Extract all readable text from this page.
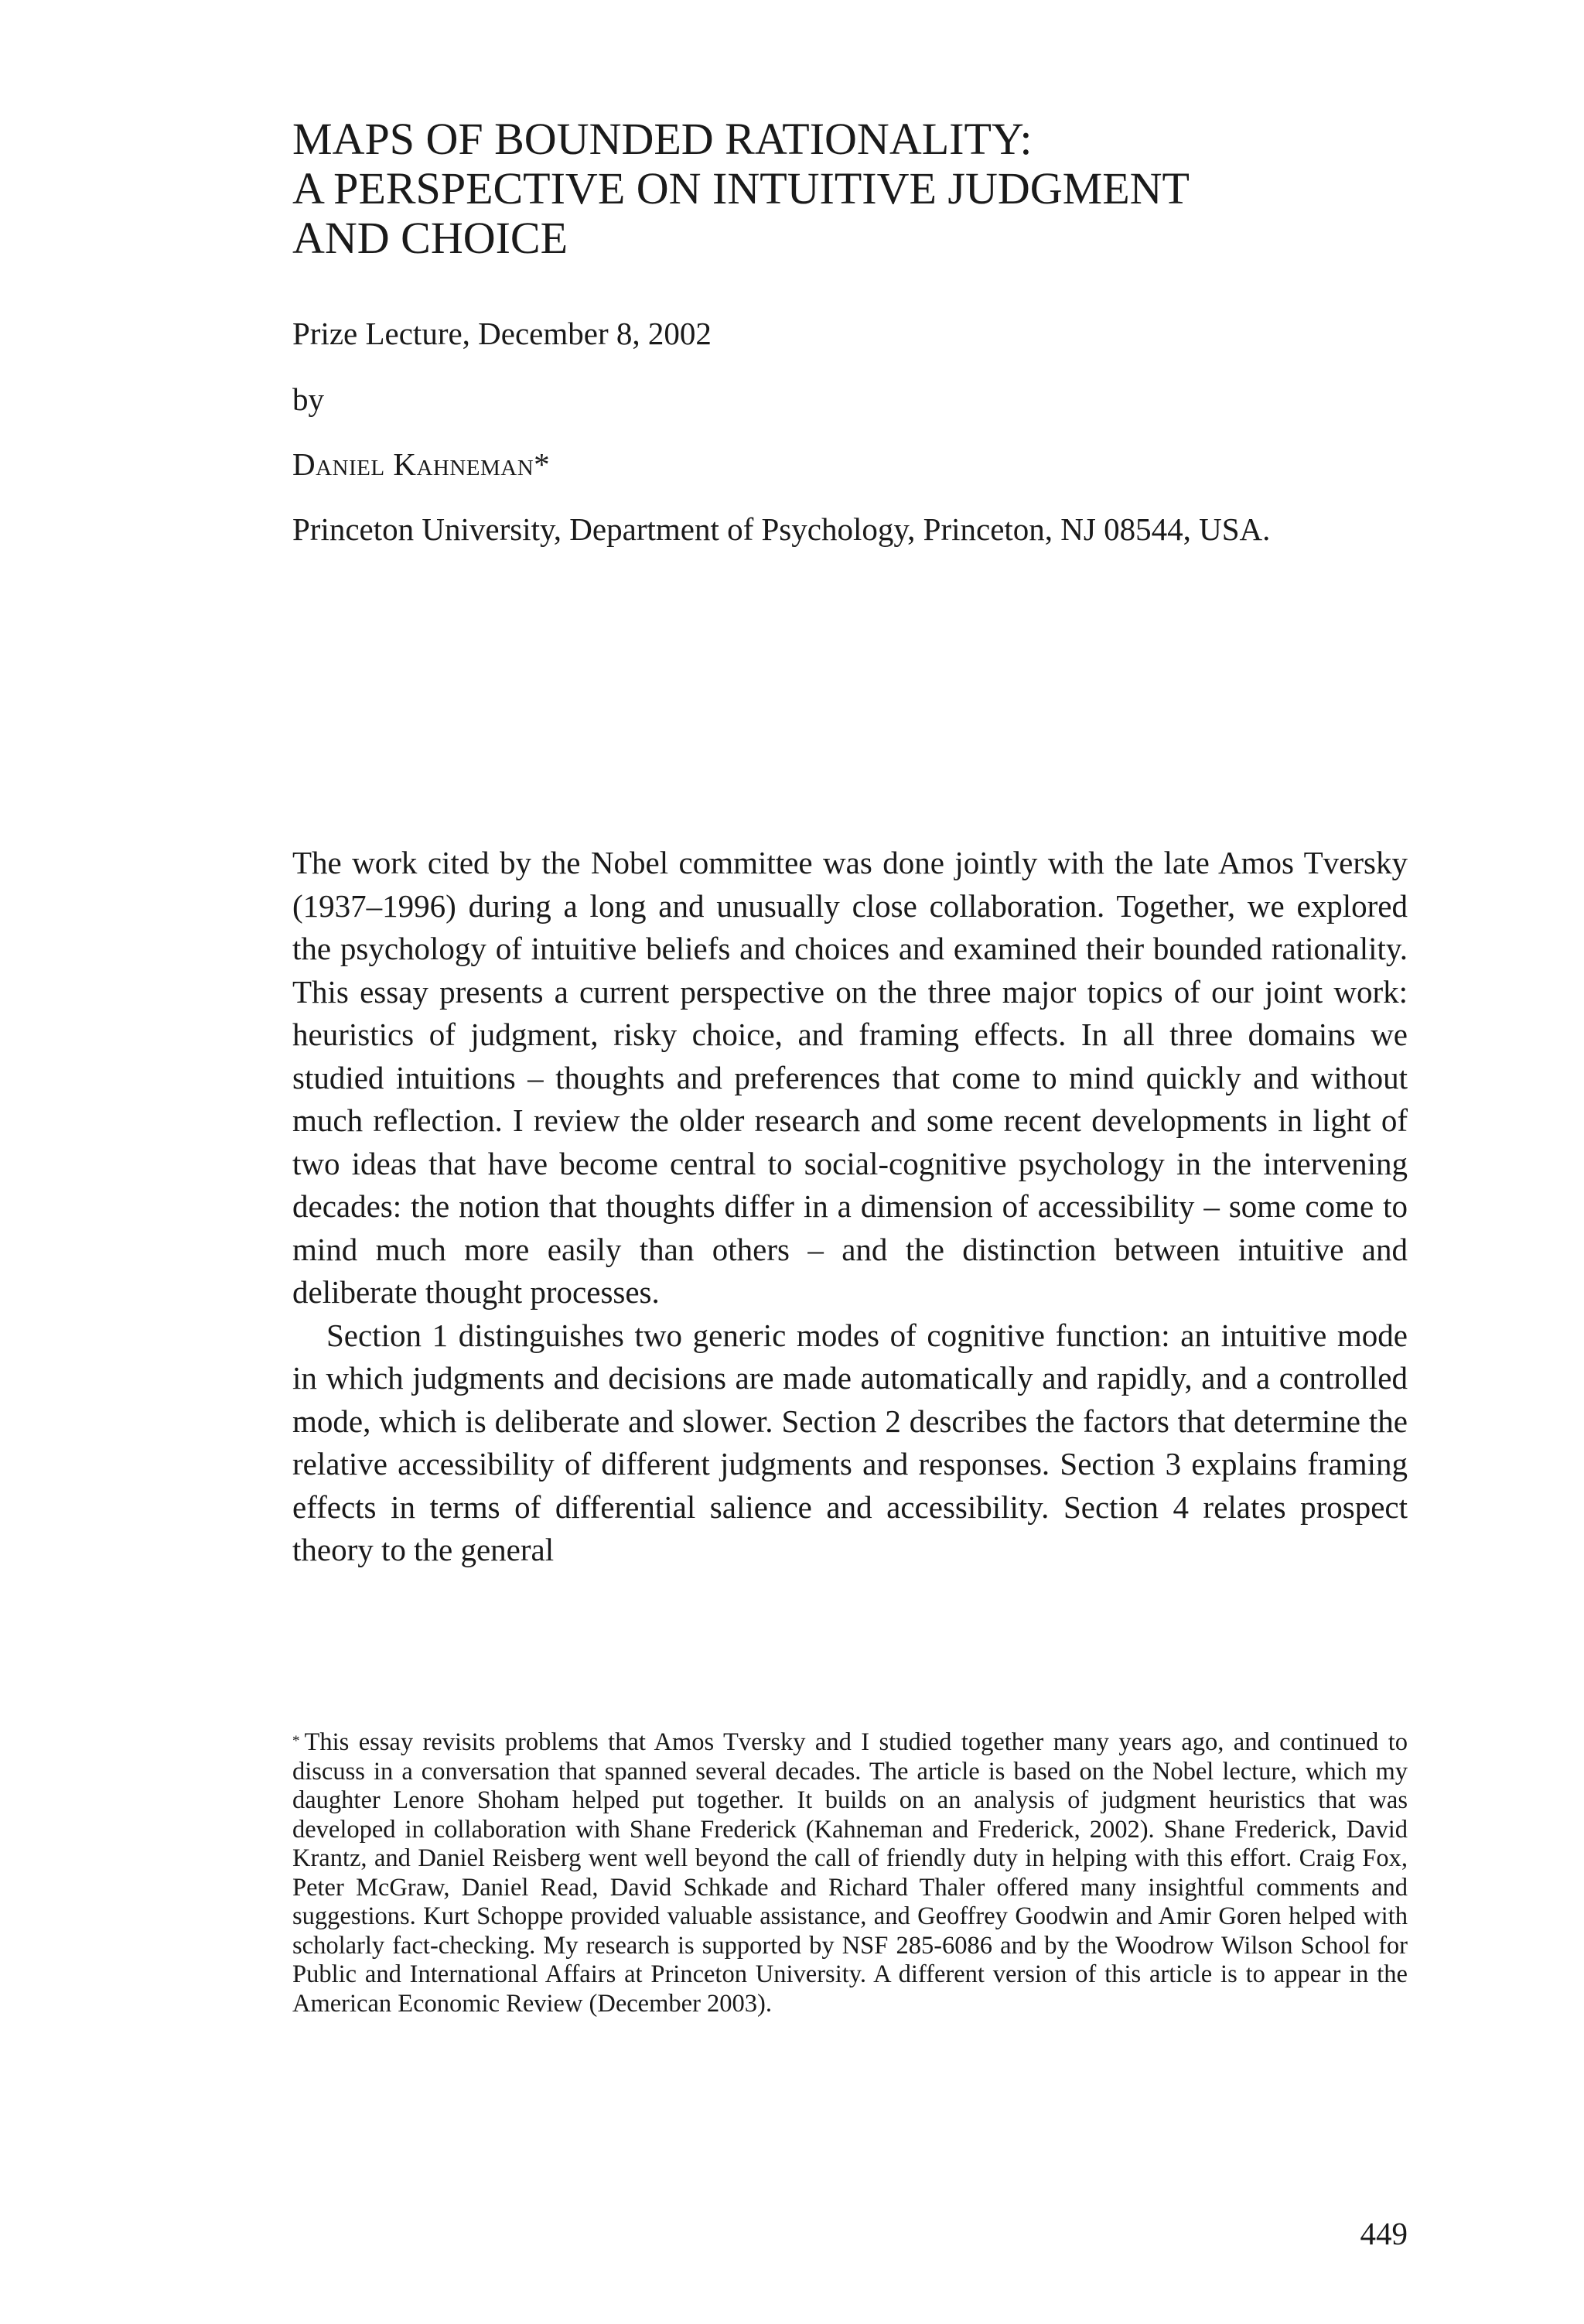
MAPS OF BOUNDED RATIONALITY:
A PERSPECTIVE ON INTUITIVE JUDGMENT
AND CHOICE

Prize Lecture, December 8, 2002

by

Daniel Kahneman*

Princeton University, Department of Psychology, Princeton, NJ 08544, USA.

The work cited by the Nobel committee was done jointly with the late Amos Tversky (1937–1996) during a long and unusually close collaboration. Together, we explored the psychology of intuitive beliefs and choices and examined their bounded rationality. This essay presents a current perspective on the three major topics of our joint work: heuristics of judgment, risky choice, and framing effects. In all three domains we studied intuitions – thoughts and preferences that come to mind quickly and without much reflection. I review the older research and some recent developments in light of two ideas that have become central to social-cognitive psychology in the intervening decades: the notion that thoughts differ in a dimension of accessibility – some come to mind much more easily than others – and the distinction between intuitive and deliberate thought processes.

Section 1 distinguishes two generic modes of cognitive function: an intuitive mode in which judgments and decisions are made automatically and rapidly, and a controlled mode, which is deliberate and slower. Section 2 describes the factors that determine the relative accessibility of different judgments and responses. Section 3 explains framing effects in terms of differential salience and accessibility. Section 4 relates prospect theory to the general

* This essay revisits problems that Amos Tversky and I studied together many years ago, and continued to discuss in a conversation that spanned several decades. The article is based on the Nobel lecture, which my daughter Lenore Shoham helped put together. It builds on an analysis of judgment heuristics that was developed in collaboration with Shane Frederick (Kahneman and Frederick, 2002). Shane Frederick, David Krantz, and Daniel Reisberg went well beyond the call of friendly duty in helping with this effort. Craig Fox, Peter McGraw, Daniel Read, David Schkade and Richard Thaler offered many insightful comments and suggestions. Kurt Schoppe provided valuable assistance, and Geoffrey Goodwin and Amir Goren helped with scholarly fact-checking. My research is supported by NSF 285-6086 and by the Woodrow Wilson School for Public and International Affairs at Princeton University. A different version of this article is to appear in the American Economic Review (December 2003).

449
